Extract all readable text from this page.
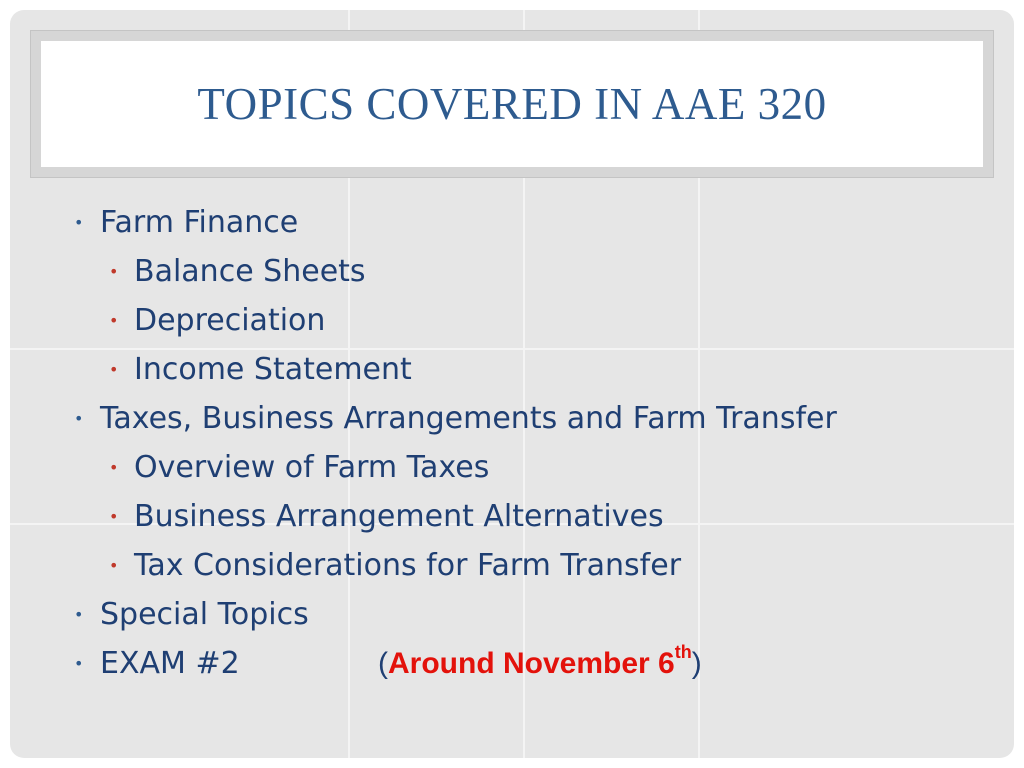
TOPICS COVERED IN AAE 320
• Farm Finance
• Balance Sheets
• Depreciation
• Income Statement
• Taxes, Business Arrangements and Farm Transfer
• Overview of Farm Taxes
• Business Arrangement Alternatives
• Tax Considerations for Farm Transfer
• Special Topics
• EXAM #2	(Around November 6th)
